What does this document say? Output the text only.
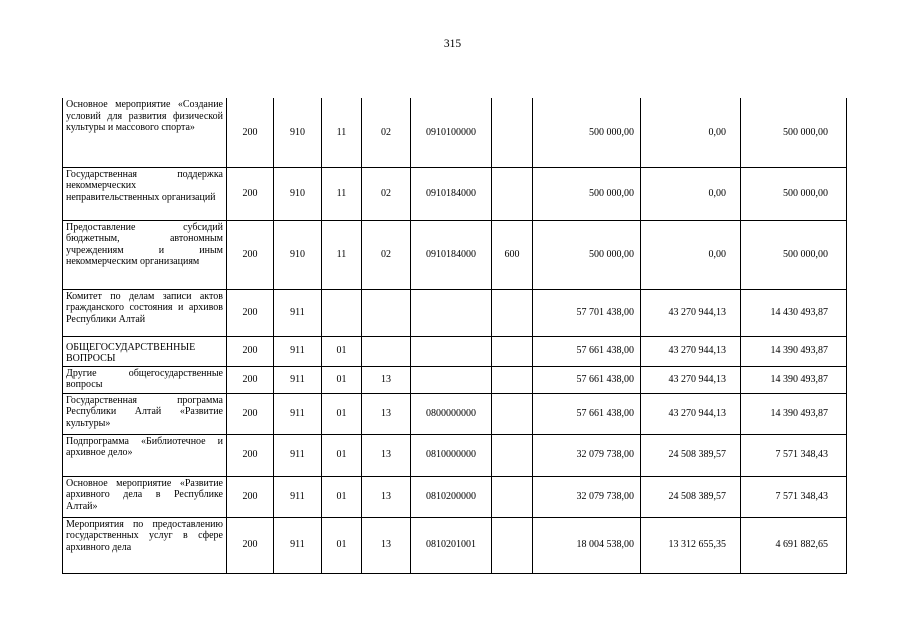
315
Основное мероприятие «Создание условий для развития физической культуры и массового спорта»	200	910	11	02	0910100000		500 000,00	0,00	500 000,00
Государственная поддержка некоммерческих неправительственных организаций	200	910	11	02	0910184000		500 000,00	0,00	500 000,00
Предоставление субсидий бюджетным, автономным учреждениям и иным некоммерческим организациям	200	910	11	02	0910184000	600	500 000,00	0,00	500 000,00
Комитет по делам записи актов гражданского состояния и архивов Республики Алтай	200	911					57 701 438,00	43 270 944,13	14 430 493,87
ОБЩЕГОСУДАРСТВЕННЫЕ ВОПРОСЫ	200	911	01				57 661 438,00	43 270 944,13	14 390 493,87
Другие общегосударственные вопросы	200	911	01	13			57 661 438,00	43 270 944,13	14 390 493,87
Государственная программа Республики Алтай «Развитие культуры»	200	911	01	13	0800000000		57 661 438,00	43 270 944,13	14 390 493,87
Подпрограмма «Библиотечное и архивное дело»	200	911	01	13	0810000000		32 079 738,00	24 508 389,57	7 571 348,43
Основное мероприятие «Развитие архивного дела в Республике Алтай»	200	911	01	13	0810200000		32 079 738,00	24 508 389,57	7 571 348,43
Мероприятия по предоставлению государственных услуг в сфере архивного дела	200	911	01	13	0810201001		18 004 538,00	13 312 655,35	4 691 882,65
